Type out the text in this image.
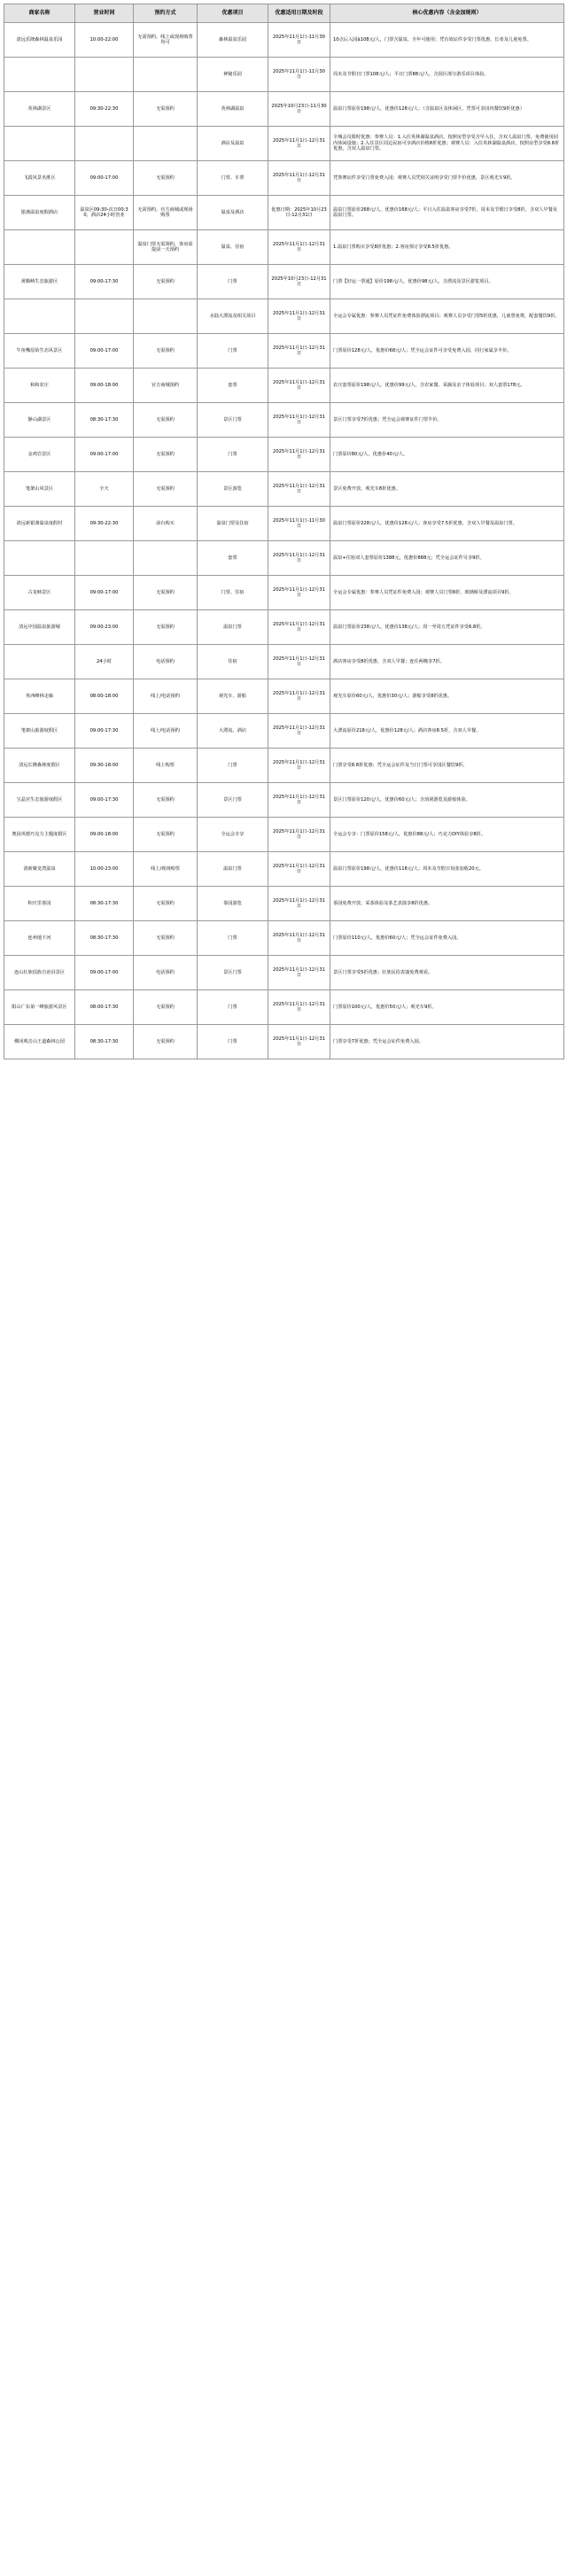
商家名称	营业时间	预约方式	优惠项目	优惠适用日期及时段	核心优惠内容（含金加规则）
清远乐隆森林温泉乐园	10:00-22:00	无需预约，线上或现场购票均可	森林温泉乐园	2025年11月1日-11月30日	10点后入园$108元/人，门票含温泉，全年可使用；凭有效证件享受门票优惠，长者及儿童免票。
			神秘乐园	2025年11月1日-11月30日	周末及节假日门票108元/人；平日门票88元/人，含园区部分游乐项目体验。
英林湖景区	09:30-22:30	无需预约	英林湖温泉	2025年10月23日-11月30日	温泉门票原价198元/人，优惠价128元/人；（含温泉区及休闲区，凭票可享园内餐饮9折优惠）
			酒店及温泉	2025年11月1日-12月31日	全城会员限时优惠：参赛人员：1.入住英林湖温泉酒店，按照房型享受含早入住，含双人温泉门票，免费使用园内休闲设施；2.入住景区周边民宿可享酒店价格8折优惠；观赛人员：入住英林湖温泉酒店，按照房型享受8.8折优惠，含双人温泉门票。
飞霞风景名胜区	09:00-17:00	无需预约	门票、车票	2025年11月1日-12月31日	凭参赛证件享受门票免费入园；观赛人员凭相关证明享受门票半价优惠，景区观光车9折。
银盏温泉度假酒店	温泉区09:30-次日00:30，酒店24小时营业	无需预约，官方商城或现场购票	温泉及酒店	优惠日期：2025年10月23日-12月31日	温泉门票原价268元/人，优惠价168元/人；平日入住温泉客房享受7折，周末及节假日享受8折，含双人早餐及温泉门票。
		温泉门票无需预约，客房需提前一天预约	温泉、住宿	2025年11月1日-12月31日	1.温泉门票购买享受8折优惠；2.客房预订享受8.5折优惠。
黄腾峡生态旅游区	09:00-17:30	无需预约	门票	2025年10月23日-12月31日	门票【好运一票通】原价198元/人，优惠价98元/人，含漂流及景区游览项目。
			水陆大漂流及相关项目	2025年11月1日-12月31日	全运会专属优惠：参赛人员凭证件免费体验漂流项目；观赛人员享受门票5折优惠，儿童票免费，配套餐饮9折。
牛鱼嘴原始生态风景区	09:00-17:00	无需预约	门票	2025年11月1日-12月31日	门票原价128元/人，优惠价68元/人；凭全运会证件可享受免费入园，同行家属享半价。
和和农庄	09:00-18:00	官方商城预约	套票	2025年11月1日-12月31日	农庄套票原价198元/人，优惠价99元/人，含农家餐、采摘及亲子体验项目；双人套票178元。
静山湖景区	08:30-17:30	无需预约	景区门票	2025年11月1日-12月31日	景区门票享受7折优惠；凭全运会观赛证件门票半价。
金鸡岩景区	09:00-17:00	无需预约	门票	2025年11月1日-12月31日	门票原价80元/人，优惠价40元/人。
笔架山风景区	全天	无需预约	景区游览	2025年11月1日-12月31日	景区免费开放，观光车8折优惠。
清远新银盏温泉度假村	09:30-22:30	前台购买	温泉门票及住宿	2025年11月1日-11月30日	温泉门票原价228元/人，优惠价128元/人；客房享受7.5折优惠，含双人早餐及温泉门票。
			套票	2025年11月1日-12月31日	温泉+住宿双人套票原价1388元，优惠价888元；凭全运会证件另享9折。
古龙峡景区	09:00-17:00	无需预约	门票、住宿	2025年11月1日-12月31日	全运会专属优惠：参赛人员凭证件免费入园；观赛人员门票8折，玻璃桥及漂流项目9折。
清远中国温泉旅游城	09:00-23:00	无需预约	温泉门票	2025年11月1日-12月31日	温泉门票原价238元/人，优惠价138元/人；周一至周五凭证件享受6.8折。
	24小时	电话预约	住宿	2025年11月1日-12月31日	酒店客房享受8折优惠，含双人早餐；连住两晚享7折。
英西峰林走廊	08:00-18:00	线上/电话预约	观光车、游船	2025年11月1日-12月31日	观光车原价60元/人，优惠价30元/人；游船享受8折优惠。
笔架山旅游度假区	09:00-17:30	线上/电话预约	大漂流、酒店	2025年11月1日-12月31日	大漂流原价218元/人，优惠价128元/人；酒店客房8.5折，含双人早餐。
清远长隆森林度假区	09:30-18:00	线上购票	门票	2025年11月1日-12月31日	门票享受8.8折优惠；凭全运会证件及当日门票可享园区餐饮9折。
宝晶宫生态旅游度假区	09:00-17:30	无需预约	景区门票	2025年11月1日-12月31日	景区门票原价120元/人，优惠价60元/人；含溶洞游览及游船体验。
奥园英德巧克力主题度假区	09:00-18:00	无需预约	全运会专享	2025年11月1日-12月31日	全运会专享：门票原价158元/人，优惠价88元/人；巧克力DIY体验享8折。
清新聚龙湾温泉	10:00-23:00	线上/现场购票	温泉门票	2025年11月1日-12月31日	温泉门票原价198元/人，优惠价118元/人；周末及节假日每张加收20元。
积庆里茶园	08:30-17:30	无需预约	茶园游览	2025年11月1日-12月31日	茶园免费开放，采茶体验及茶艺表演享8折优惠。
连州地下河	08:30-17:30	无需预约	门票	2025年11月1日-12月31日	门票原价110元/人，优惠价60元/人；凭全运会证件免费入园。
连山壮族瑶族自治县景区	09:00-17:00	电话预约	景区门票	2025年11月1日-12月31日	景区门票享受5折优惠；壮族民俗表演免费观看。
阳山广东第一峰旅游风景区	08:00-17:30	无需预约	门票	2025年11月1日-12月31日	门票原价100元/人，优惠价50元/人；观光车9折。
佛冈观音山王道森林公园	08:30-17:30	无需预约	门票	2025年11月1日-12月31日	门票享受7折优惠；凭全运会证件免费入园。
